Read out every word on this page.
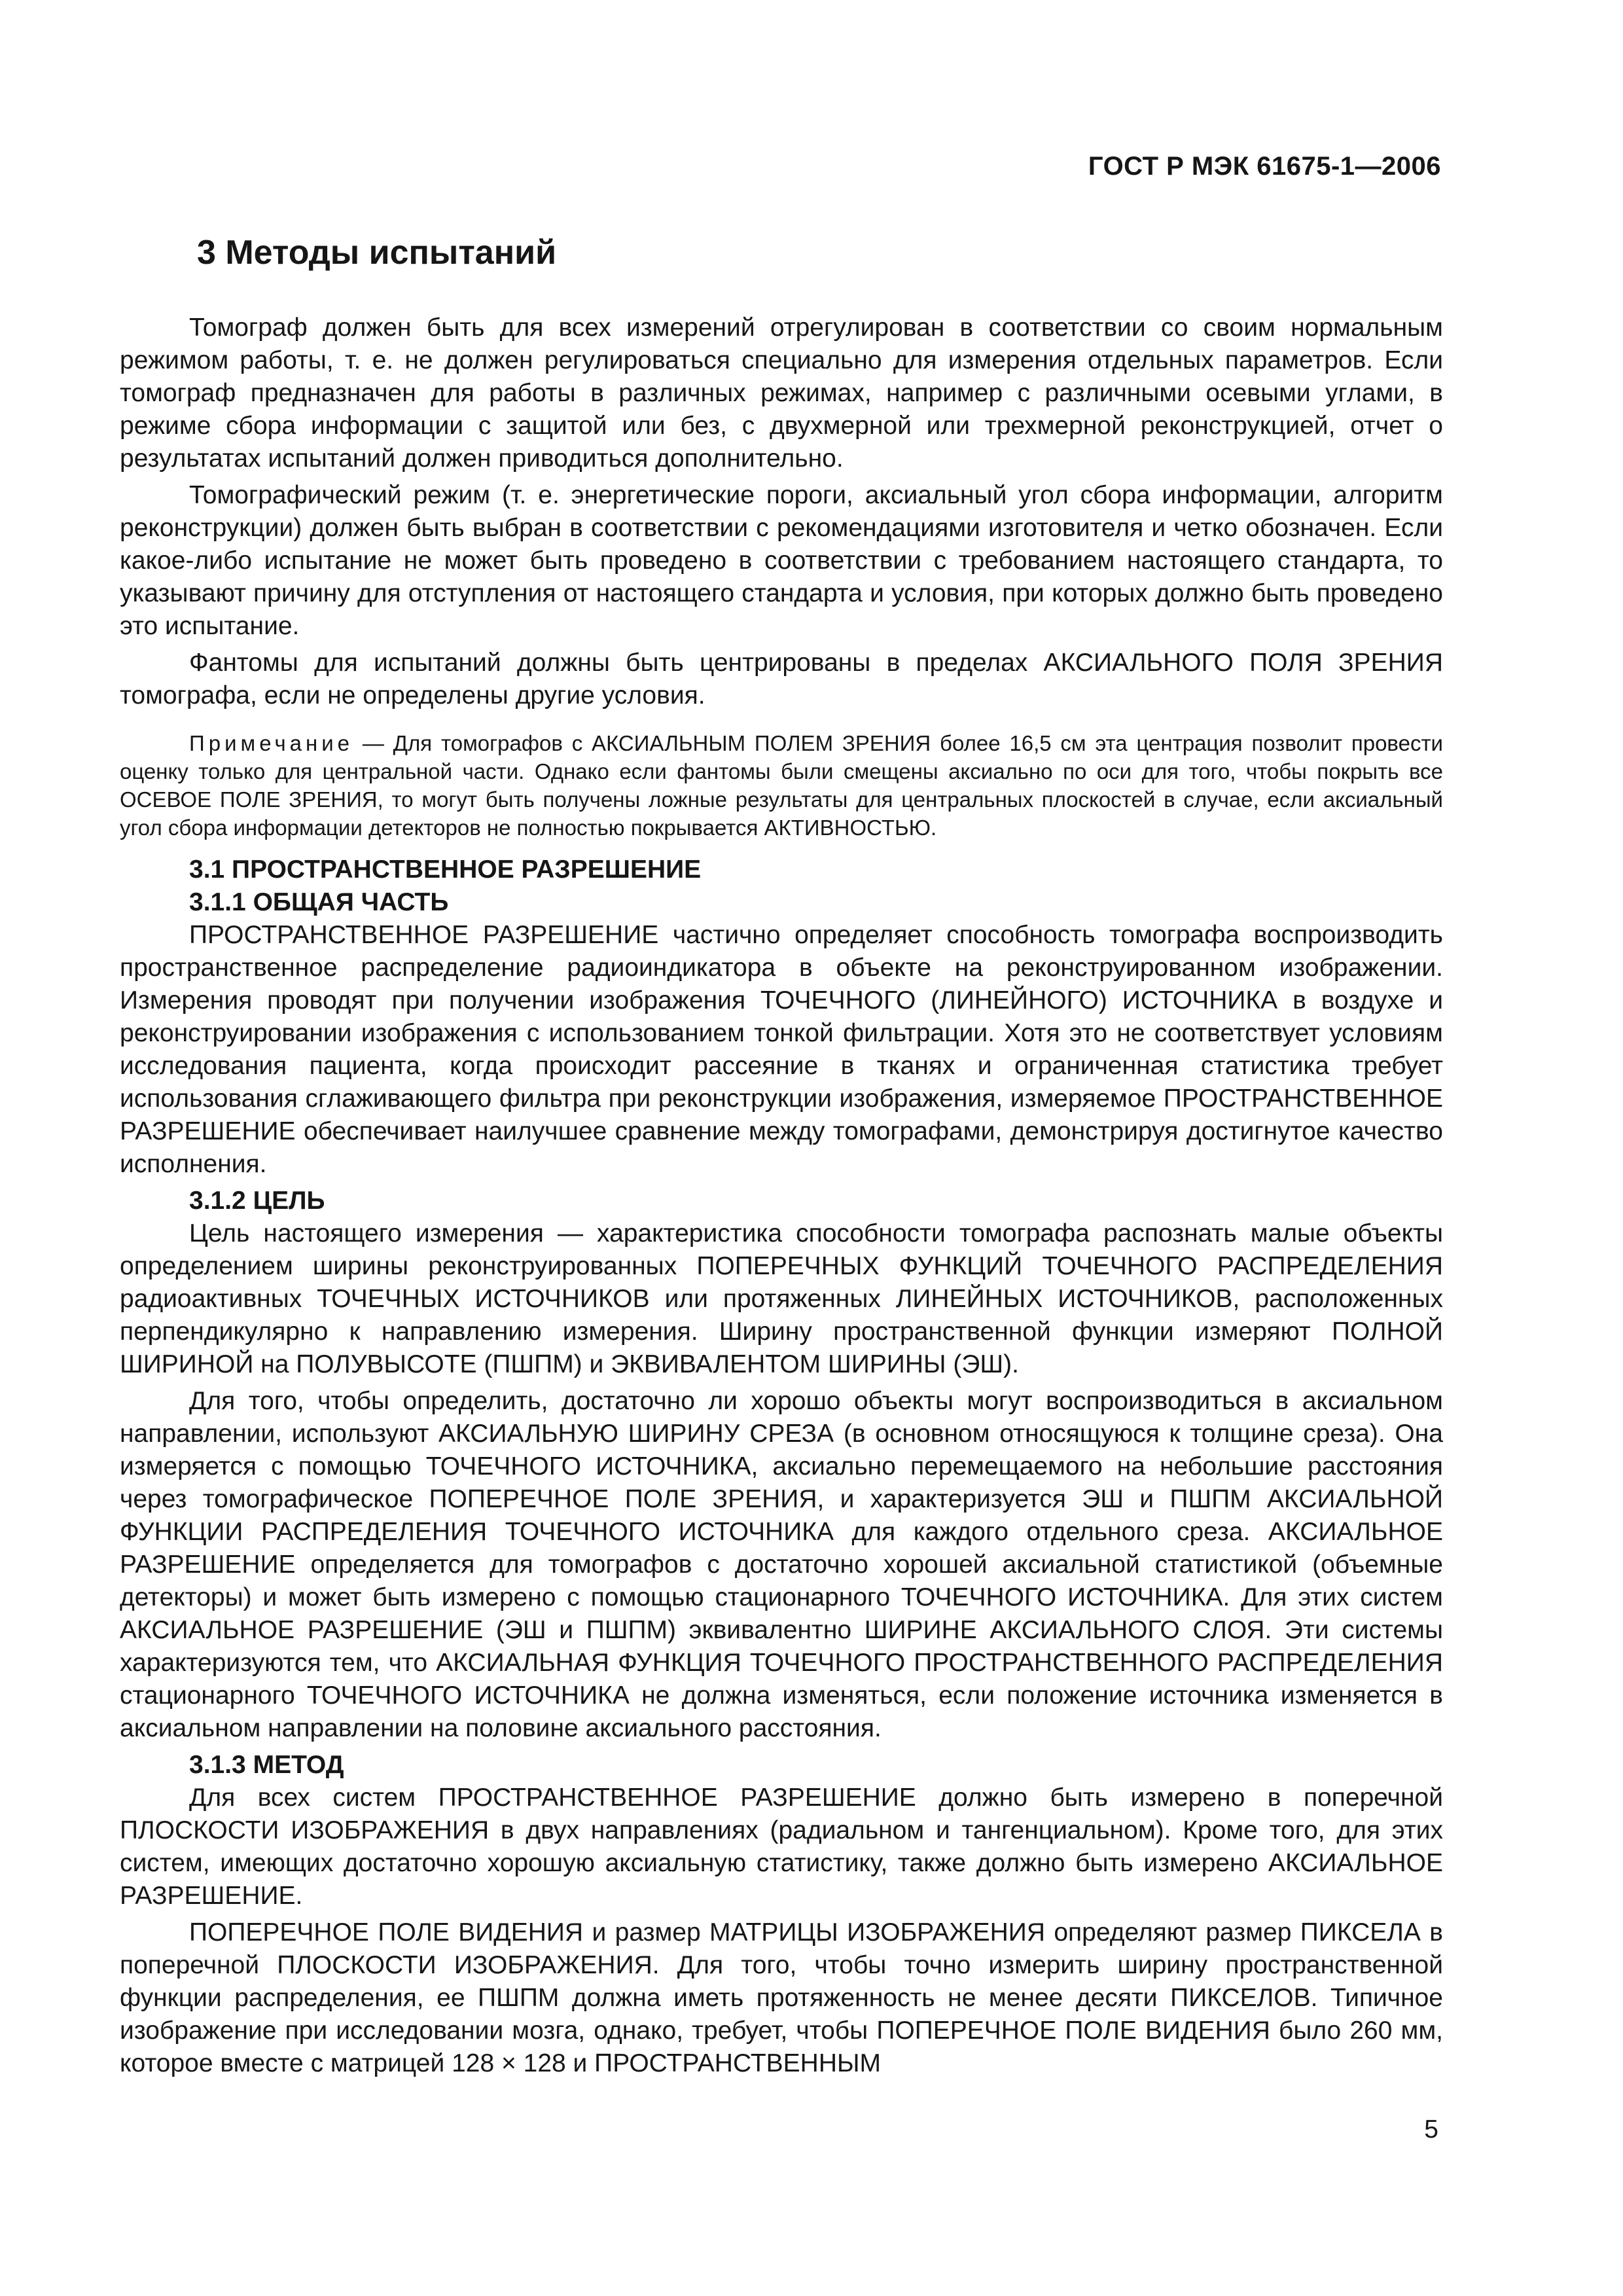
ГОСТ Р МЭК 61675-1—2006
3 Методы испытаний

Томограф должен быть для всех измерений отрегулирован в соответствии со своим нормальным режимом работы, т. е. не должен регулироваться специально для измерения отдельных параметров. Если томограф предназначен для работы в различных режимах, например с различными осевыми углами, в режиме сбора информации с защитой или без, с двухмерной или трехмерной реконструкцией, отчет о результатах испытаний должен приводиться дополнительно.

Томографический режим (т. е. энергетические пороги, аксиальный угол сбора информации, алгоритм реконструкции) должен быть выбран в соответствии с рекомендациями изготовителя и четко обозначен. Если какое-либо испытание не может быть проведено в соответствии с требованием настоящего стандарта, то указывают причину для отступления от настоящего стандарта и условия, при которых должно быть проведено это испытание.

Фантомы для испытаний должны быть центрированы в пределах АКСИАЛЬНОГО ПОЛЯ ЗРЕНИЯ томографа, если не определены другие условия.

Примечание — Для томографов с АКСИАЛЬНЫМ ПОЛЕМ ЗРЕНИЯ более 16,5 см эта центрация позволит провести оценку только для центральной части. Однако если фантомы были смещены аксиально по оси для того, чтобы покрыть все ОСЕВОЕ ПОЛЕ ЗРЕНИЯ, то могут быть получены ложные результаты для центральных плоскостей в случае, если аксиальный угол сбора информации детекторов не полностью покрывается АКТИВНОСТЬЮ.

3.1 ПРОСТРАНСТВЕННОЕ РАЗРЕШЕНИЕ
3.1.1 ОБЩАЯ ЧАСТЬ

ПРОСТРАНСТВЕННОЕ РАЗРЕШЕНИЕ частично определяет способность томографа воспроизводить пространственное распределение радиоиндикатора в объекте на реконструированном изображении. Измерения проводят при получении изображения ТОЧЕЧНОГО (ЛИНЕЙНОГО) ИСТОЧНИКА в воздухе и реконструировании изображения с использованием тонкой фильтрации. Хотя это не соответствует условиям исследования пациента, когда происходит рассеяние в тканях и ограниченная статистика требует использования сглаживающего фильтра при реконструкции изображения, измеряемое ПРОСТРАНСТВЕННОЕ РАЗРЕШЕНИЕ обеспечивает наилучшее сравнение между томографами, демонстрируя достигнутое качество исполнения.

3.1.2 ЦЕЛЬ

Цель настоящего измерения — характеристика способности томографа распознать малые объекты определением ширины реконструированных ПОПЕРЕЧНЫХ ФУНКЦИЙ ТОЧЕЧНОГО РАСПРЕДЕЛЕНИЯ радиоактивных ТОЧЕЧНЫХ ИСТОЧНИКОВ или протяженных ЛИНЕЙНЫХ ИСТОЧНИКОВ, расположенных перпендикулярно к направлению измерения. Ширину пространственной функции измеряют ПОЛНОЙ ШИРИНОЙ на ПОЛУВЫСОТЕ (ПШПМ) и ЭКВИВАЛЕНТОМ ШИРИНЫ (ЭШ).

Для того, чтобы определить, достаточно ли хорошо объекты могут воспроизводиться в аксиальном направлении, используют АКСИАЛЬНУЮ ШИРИНУ СРЕЗА (в основном относящуюся к толщине среза). Она измеряется с помощью ТОЧЕЧНОГО ИСТОЧНИКА, аксиально перемещаемого на небольшие расстояния через томографическое ПОПЕРЕЧНОЕ ПОЛЕ ЗРЕНИЯ, и характеризуется ЭШ и ПШПМ АКСИАЛЬНОЙ ФУНКЦИИ РАСПРЕДЕЛЕНИЯ ТОЧЕЧНОГО ИСТОЧНИКА для каждого отдельного среза. АКСИАЛЬНОЕ РАЗРЕШЕНИЕ определяется для томографов с достаточно хорошей аксиальной статистикой (объемные детекторы) и может быть измерено с помощью стационарного ТОЧЕЧНОГО ИСТОЧНИКА. Для этих систем АКСИАЛЬНОЕ РАЗРЕШЕНИЕ (ЭШ и ПШПМ) эквивалентно ШИРИНЕ АКСИАЛЬНОГО СЛОЯ. Эти системы характеризуются тем, что АКСИАЛЬНАЯ ФУНКЦИЯ ТОЧЕЧНОГО ПРОСТРАНСТВЕННОГО РАСПРЕДЕЛЕНИЯ стационарного ТОЧЕЧНОГО ИСТОЧНИКА не должна изменяться, если положение источника изменяется в аксиальном направлении на половине аксиального расстояния.

3.1.3 МЕТОД

Для всех систем ПРОСТРАНСТВЕННОЕ РАЗРЕШЕНИЕ должно быть измерено в поперечной ПЛОСКОСТИ ИЗОБРАЖЕНИЯ в двух направлениях (радиальном и тангенциальном). Кроме того, для этих систем, имеющих достаточно хорошую аксиальную статистику, также должно быть измерено АКСИАЛЬНОЕ РАЗРЕШЕНИЕ.

ПОПЕРЕЧНОЕ ПОЛЕ ВИДЕНИЯ и размер МАТРИЦЫ ИЗОБРАЖЕНИЯ определяют размер ПИКСЕЛА в поперечной ПЛОСКОСТИ ИЗОБРАЖЕНИЯ. Для того, чтобы точно измерить ширину пространственной функции распределения, ее ПШПМ должна иметь протяженность не менее десяти ПИКСЕЛОВ. Типичное изображение при исследовании мозга, однако, требует, чтобы ПОПЕРЕЧНОЕ ПОЛЕ ВИДЕНИЯ было 260 мм, которое вместе с матрицей 128 × 128 и ПРОСТРАНСТВЕННЫМ

5
